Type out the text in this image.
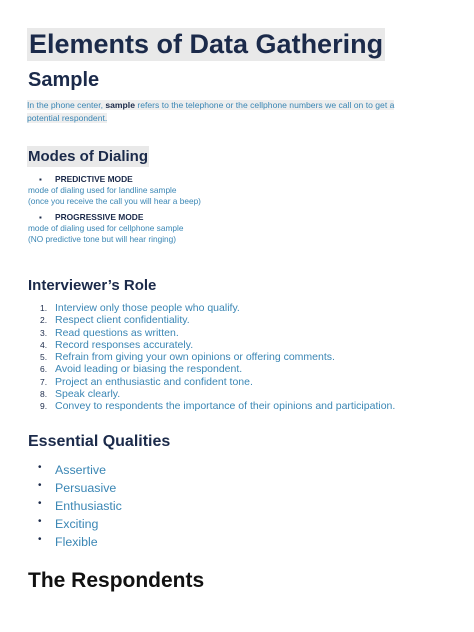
Elements of Data Gathering
Sample

In the phone center, sample refers to the telephone or the cellphone numbers we call on to get a potential respondent.

Modes of Dialing
▪ PREDICTIVE MODE
mode of dialing used for landline sample
(once you receive the call you will hear a beep)
▪ PROGRESSIVE MODE
mode of dialing used for cellphone sample
(NO predictive tone but will hear ringing)
Interviewer’s Role
1. Interview only those people who qualify.
2. Respect client confidentiality.
3. Read questions as written.
4. Record responses accurately.
5. Refrain from giving your own opinions or offering comments.
6. Avoid leading or biasing the respondent.
7. Project an enthusiastic and confident tone.
8. Speak clearly.
9. Convey to respondents the importance of their opinions and participation.
Essential Qualities
• Assertive
• Persuasive
• Enthusiastic
• Exciting
• Flexible
The Respondents
